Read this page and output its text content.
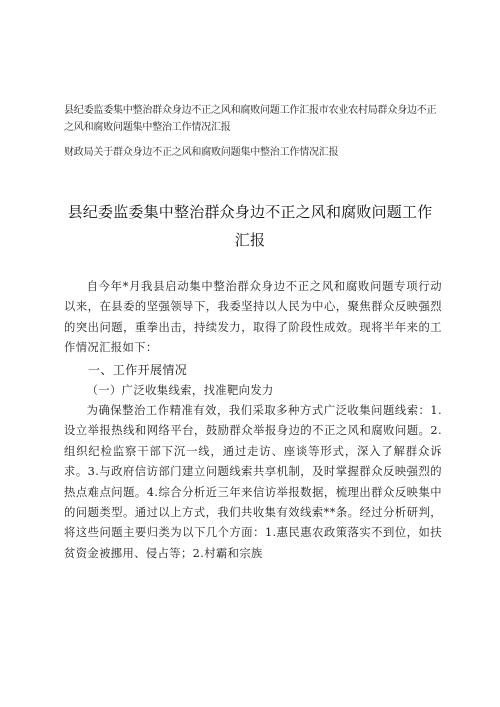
县纪委监委集中整治群众身边不正之风和腐败问题工作汇报市农业农村局群众身边不正之风和腐败问题集中整治工作情况汇报
财政局关于群众身边不正之风和腐败问题集中整治工作情况汇报
县纪委监委集中整治群众身边不正之风和腐败问题工作汇报

自今年*月我县启动集中整治群众身边不正之风和腐败问题专项行动以来，在县委的坚强领导下，我委坚持以人民为中心，聚焦群众反映强烈的突出问题，重拳出击，持续发力，取得了阶段性成效。现将半年来的工作情况汇报如下：

一、工作开展情况

（一）广泛收集线索，找准靶向发力

为确保整治工作精准有效，我们采取多种方式广泛收集问题线索：1.设立举报热线和网络平台，鼓励群众举报身边的不正之风和腐败问题。2.组织纪检监察干部下沉一线，通过走访、座谈等形式，深入了解群众诉求。3.与政府信访部门建立问题线索共享机制，及时掌握群众反映强烈的热点难点问题。4.综合分析近三年来信访举报数据，梳理出群众反映集中的问题类型。通过以上方式，我们共收集有效线索**条。经过分析研判，将这些问题主要归类为以下几个方面：1.惠民惠农政策落实不到位，如扶贫资金被挪用、侵占等；2.村霸和宗族
